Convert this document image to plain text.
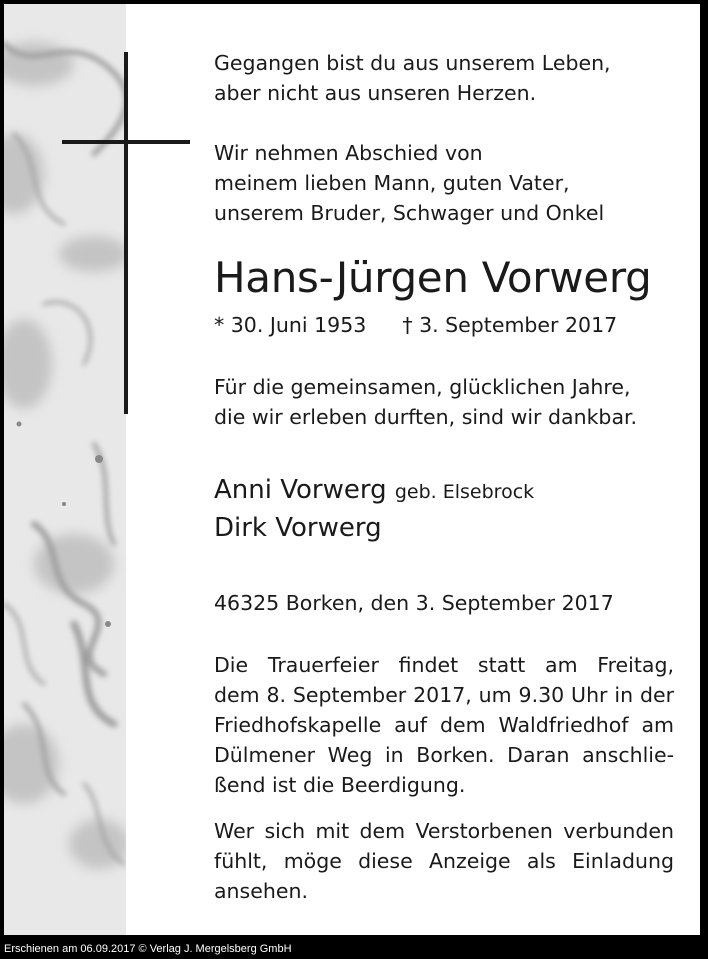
Gegangen bist du aus unserem Leben,
aber nicht aus unseren Herzen.
Wir nehmen Abschied von
meinem lieben Mann, guten Vater,
unserem Bruder, Schwager und Onkel
Hans-Jürgen Vorwerg
* 30. Juni 1953 † 3. September 2017
Für die gemeinsamen, glücklichen Jahre,
die wir erleben durften, sind wir dankbar.
Anni Vorwerg geb. Elsebrock
Dirk Vorwerg
46325 Borken, den 3. September 2017
Die Trauerfeier findet statt am Freitag,
dem 8. September 2017, um 9.30 Uhr in der
Friedhofskapelle auf dem Waldfriedhof am
Dülmener Weg in Borken. Daran anschlie-
ßend ist die Beerdigung.
Wer sich mit dem Verstorbenen verbunden
fühlt, möge diese Anzeige als Einladung
ansehen.
Erschienen am 06.09.2017 © Verlag J. Mergelsberg GmbH
